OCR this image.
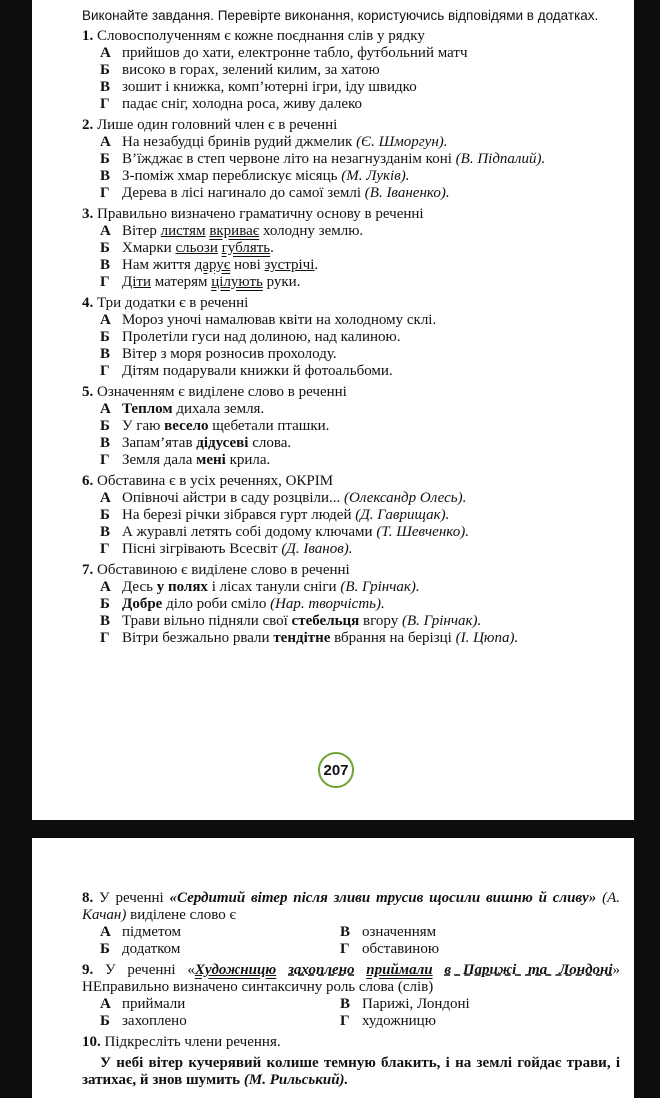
Виконайте завдання. Перевірте виконання, користуючись відповідями в додатках.

1. Словосполученням є кожне поєднання слів у рядку

А прийшов до хати, електронне табло, футбольний матч

Б високо в горах, зелений килим, за хатою

В зошит і книжка, комп’ютерні ігри, іду швидко

Г падає сніг, холодна роса, живу далеко

2. Лише один головний член є в реченні

А На незабудці бринів рудий джмелик (Є. Шморгун).

Б В’їжджає в степ червоне літо на незагнузданім коні (В. Підпалий).

В З-поміж хмар переблискує місяць (М. Луків).

Г Дерева в лісі нагинало до самої землі (В. Іваненко).

3. Правильно визначено граматичну основу в реченні

А Вітер листям вкриває холодну землю.

Б Хмарки сльози гублять.

В Нам життя дарує нові зустрічі.

Г Діти матерям цілують руки.

4. Три додатки є в реченні

А Мороз уночі намалював квіти на холодному склі.

Б Пролетіли гуси над долиною, над калиною.

В Вітер з моря розносив прохолоду.

Г Дітям подарували книжки й фотоальбоми.

5. Означенням є виділене слово в реченні

А Теплом дихала земля.

Б У гаю весело щебетали пташки.

В Запам’ятав дідусеві слова.

Г Земля дала мені крила.

6. Обставина є в усіх реченнях, ОКРІМ

А Опівночі айстри в саду розцвіли... (Олександр Олесь).

Б На березі річки зібрався гурт людей (Д. Гаврищак).

В А журавлі летять собі додому ключами (Т. Шевченко).

Г Пісні зігрівають Всесвіт (Д. Іванов).

7. Обставиною є виділене слово в реченні

А Десь у полях і лісах танули сніги (В. Грінчак).

Б Добре діло роби сміло (Нар. творчість).

В Трави вільно підняли свої стебельця вгору (В. Грінчак).

Г Вітри безжально рвали тендітне вбрання на берізці (І. Цюпа).

207

8. У реченні «Сердитий вітер після зливи трусив щосили вишню й сливу» (А. Качан) виділене слово є

А підметом	В означенням
Б додатком	Г обставиною

9. У реченні «Художницю захоплено приймали в Парижі та Лондоні» НЕправильно визначено синтаксичну роль слова (слів)

А приймали	В Парижі, Лондоні
Б захоплено	Г художницю

10. Підкресліть члени речення.

У небі вітер кучерявий колише темную блакить, і на землі гойдає трави, і затихає, й знов шумить (М. Рильський).
